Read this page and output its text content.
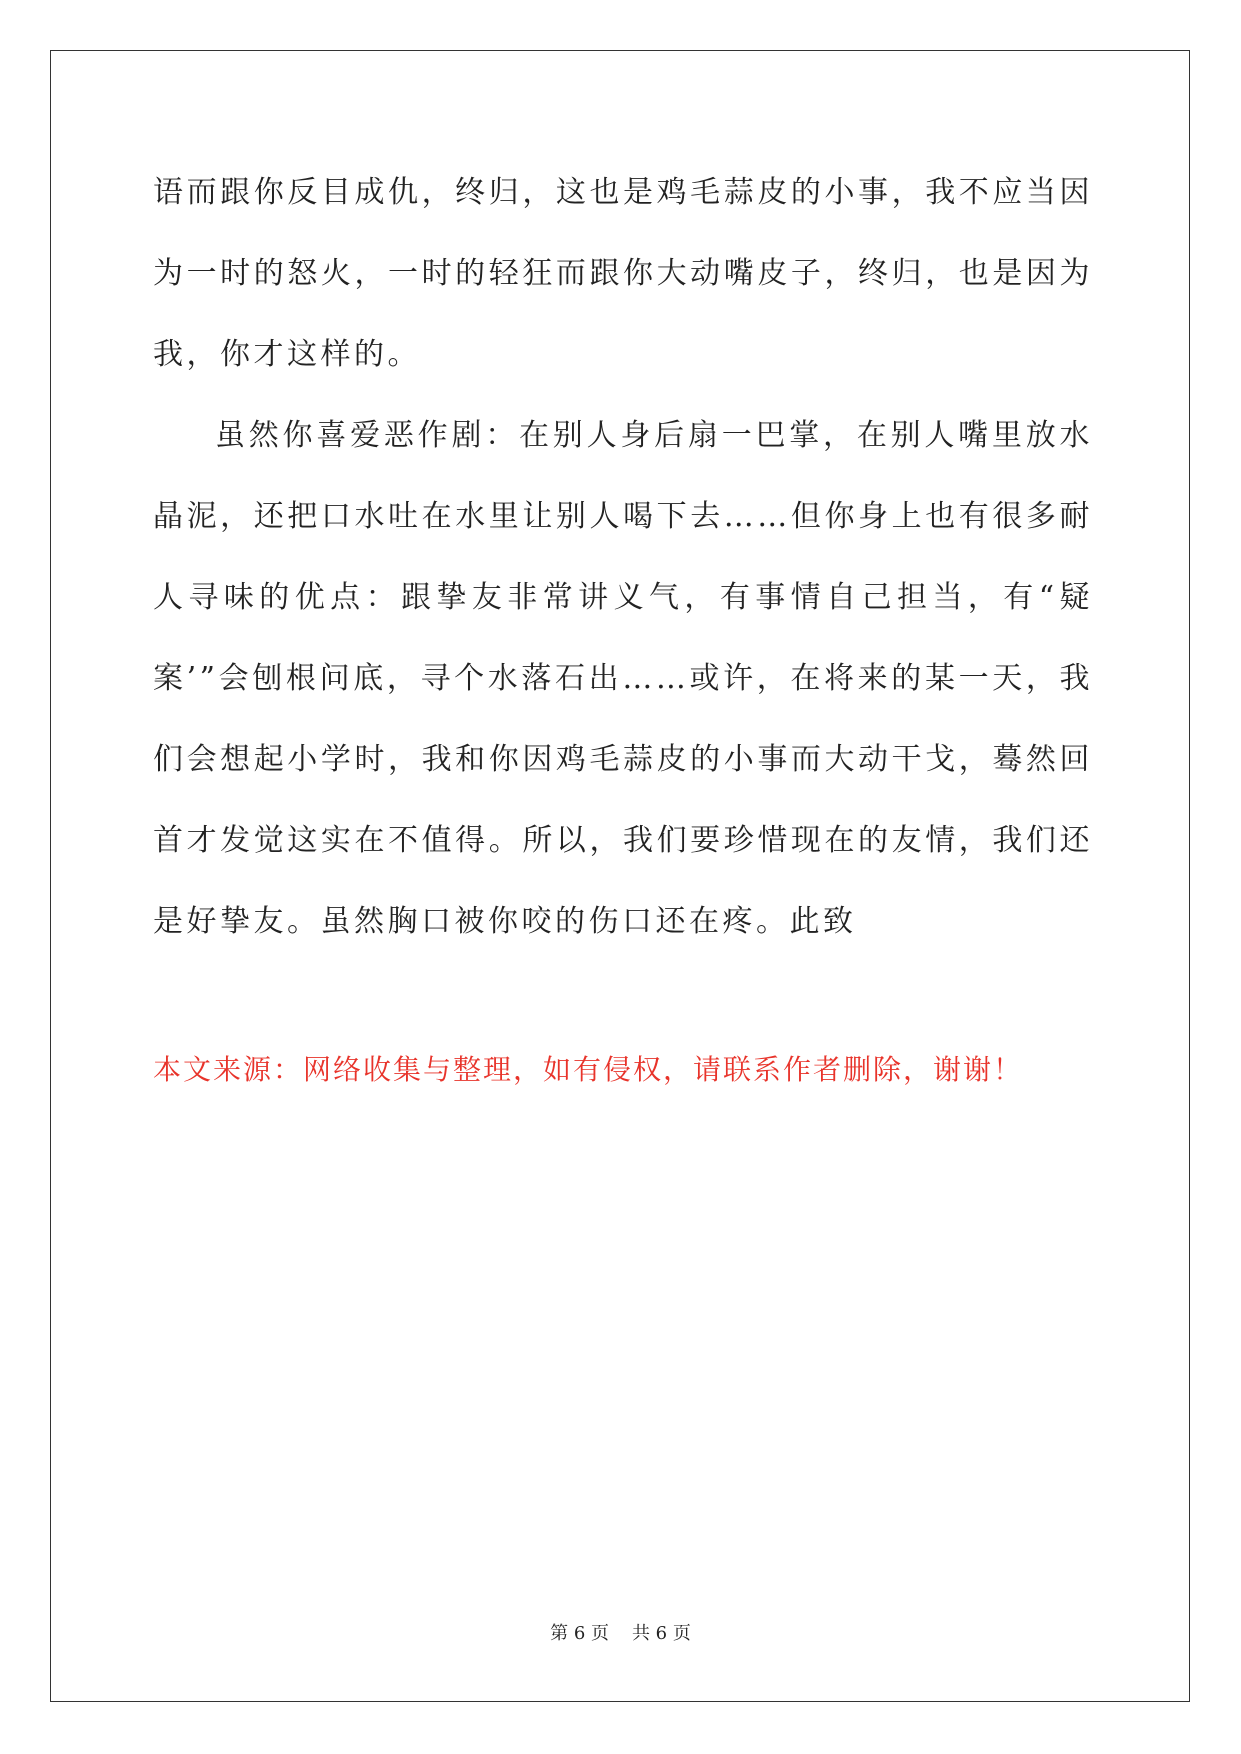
语而跟你反目成仇，终归，这也是鸡毛蒜皮的小事，我不应当因为一时的怒火，一时的轻狂而跟你大动嘴皮子，终归，也是因为我，你才这样的。

虽然你喜爱恶作剧：在别人身后扇一巴掌，在别人嘴里放水晶泥，还把口水吐在水里让别人喝下去……但你身上也有很多耐人寻味的优点：跟挚友非常讲义气，有事情自己担当，有“疑案’”会刨根问底，寻个水落石出……或许，在将来的某一天，我们会想起小学时，我和你因鸡毛蒜皮的小事而大动干戈，蓦然回首才发觉这实在不值得。所以，我们要珍惜现在的友情，我们还是好挚友。虽然胸口被你咬的伤口还在疼。此致

本文来源：网络收集与整理，如有侵权，请联系作者删除，谢谢！

第 6 页    共 6 页
